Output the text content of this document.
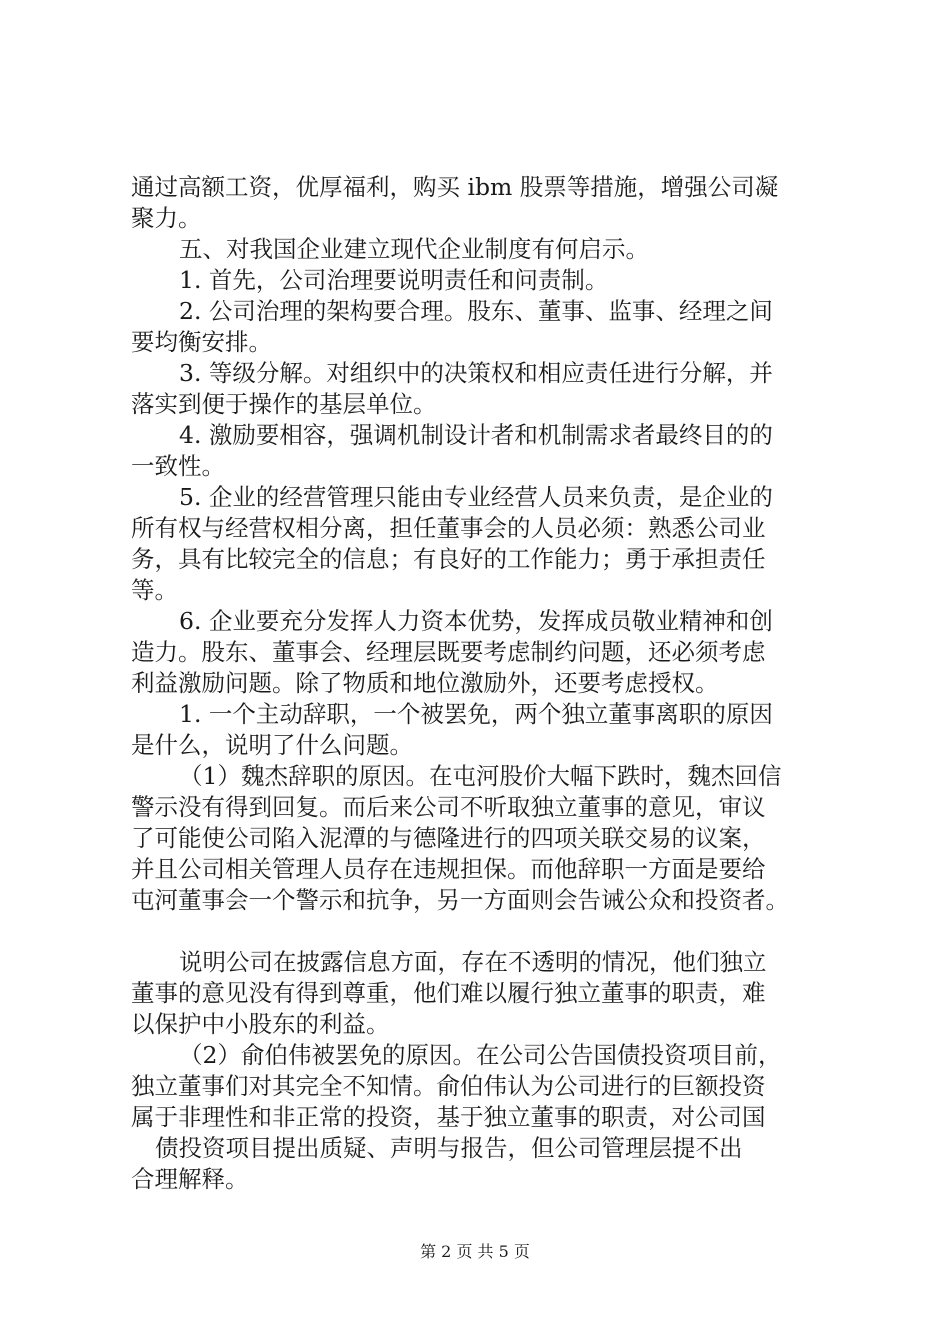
通过高额工资，优厚福利，购买 ibm 股票等措施，增强公司凝
聚力。
五、对我国企业建立现代企业制度有何启示。
1. 首先，公司治理要说明责任和问责制。
2. 公司治理的架构要合理。股东、董事、监事、经理之间
要均衡安排。
3. 等级分解。对组织中的决策权和相应责任进行分解，并
落实到便于操作的基层单位。
4. 激励要相容，强调机制设计者和机制需求者最终目的的
一致性。
5. 企业的经营管理只能由专业经营人员来负责，是企业的
所有权与经营权相分离，担任董事会的人员必须：熟悉公司业
务，具有比较完全的信息；有良好的工作能力；勇于承担责任
等。
6. 企业要充分发挥人力资本优势，发挥成员敬业精神和创
造力。股东、董事会、经理层既要考虑制约问题，还必须考虑
利益激励问题。除了物质和地位激励外，还要考虑授权。
1. 一个主动辞职，一个被罢免，两个独立董事离职的原因
是什么，说明了什么问题。
（1）魏杰辞职的原因。在屯河股价大幅下跌时，魏杰回信
警示没有得到回复。而后来公司不听取独立董事的意见，审议
了可能使公司陷入泥潭的与德隆进行的四项关联交易的议案，
并且公司相关管理人员存在违规担保。而他辞职一方面是要给
屯河董事会一个警示和抗争，另一方面则会告诫公众和投资者。
说明公司在披露信息方面，存在不透明的情况，他们独立
董事的意见没有得到尊重，他们难以履行独立董事的职责，难
以保护中小股东的利益。
（2）俞伯伟被罢免的原因。在公司公告国债投资项目前，
独立董事们对其完全不知情。俞伯伟认为公司进行的巨额投资
属于非理性和非正常的投资，基于独立董事的职责，对公司国
债投资项目提出质疑、声明与报告，但公司管理层提不出
合理解释。
第 2 页 共 5 页
